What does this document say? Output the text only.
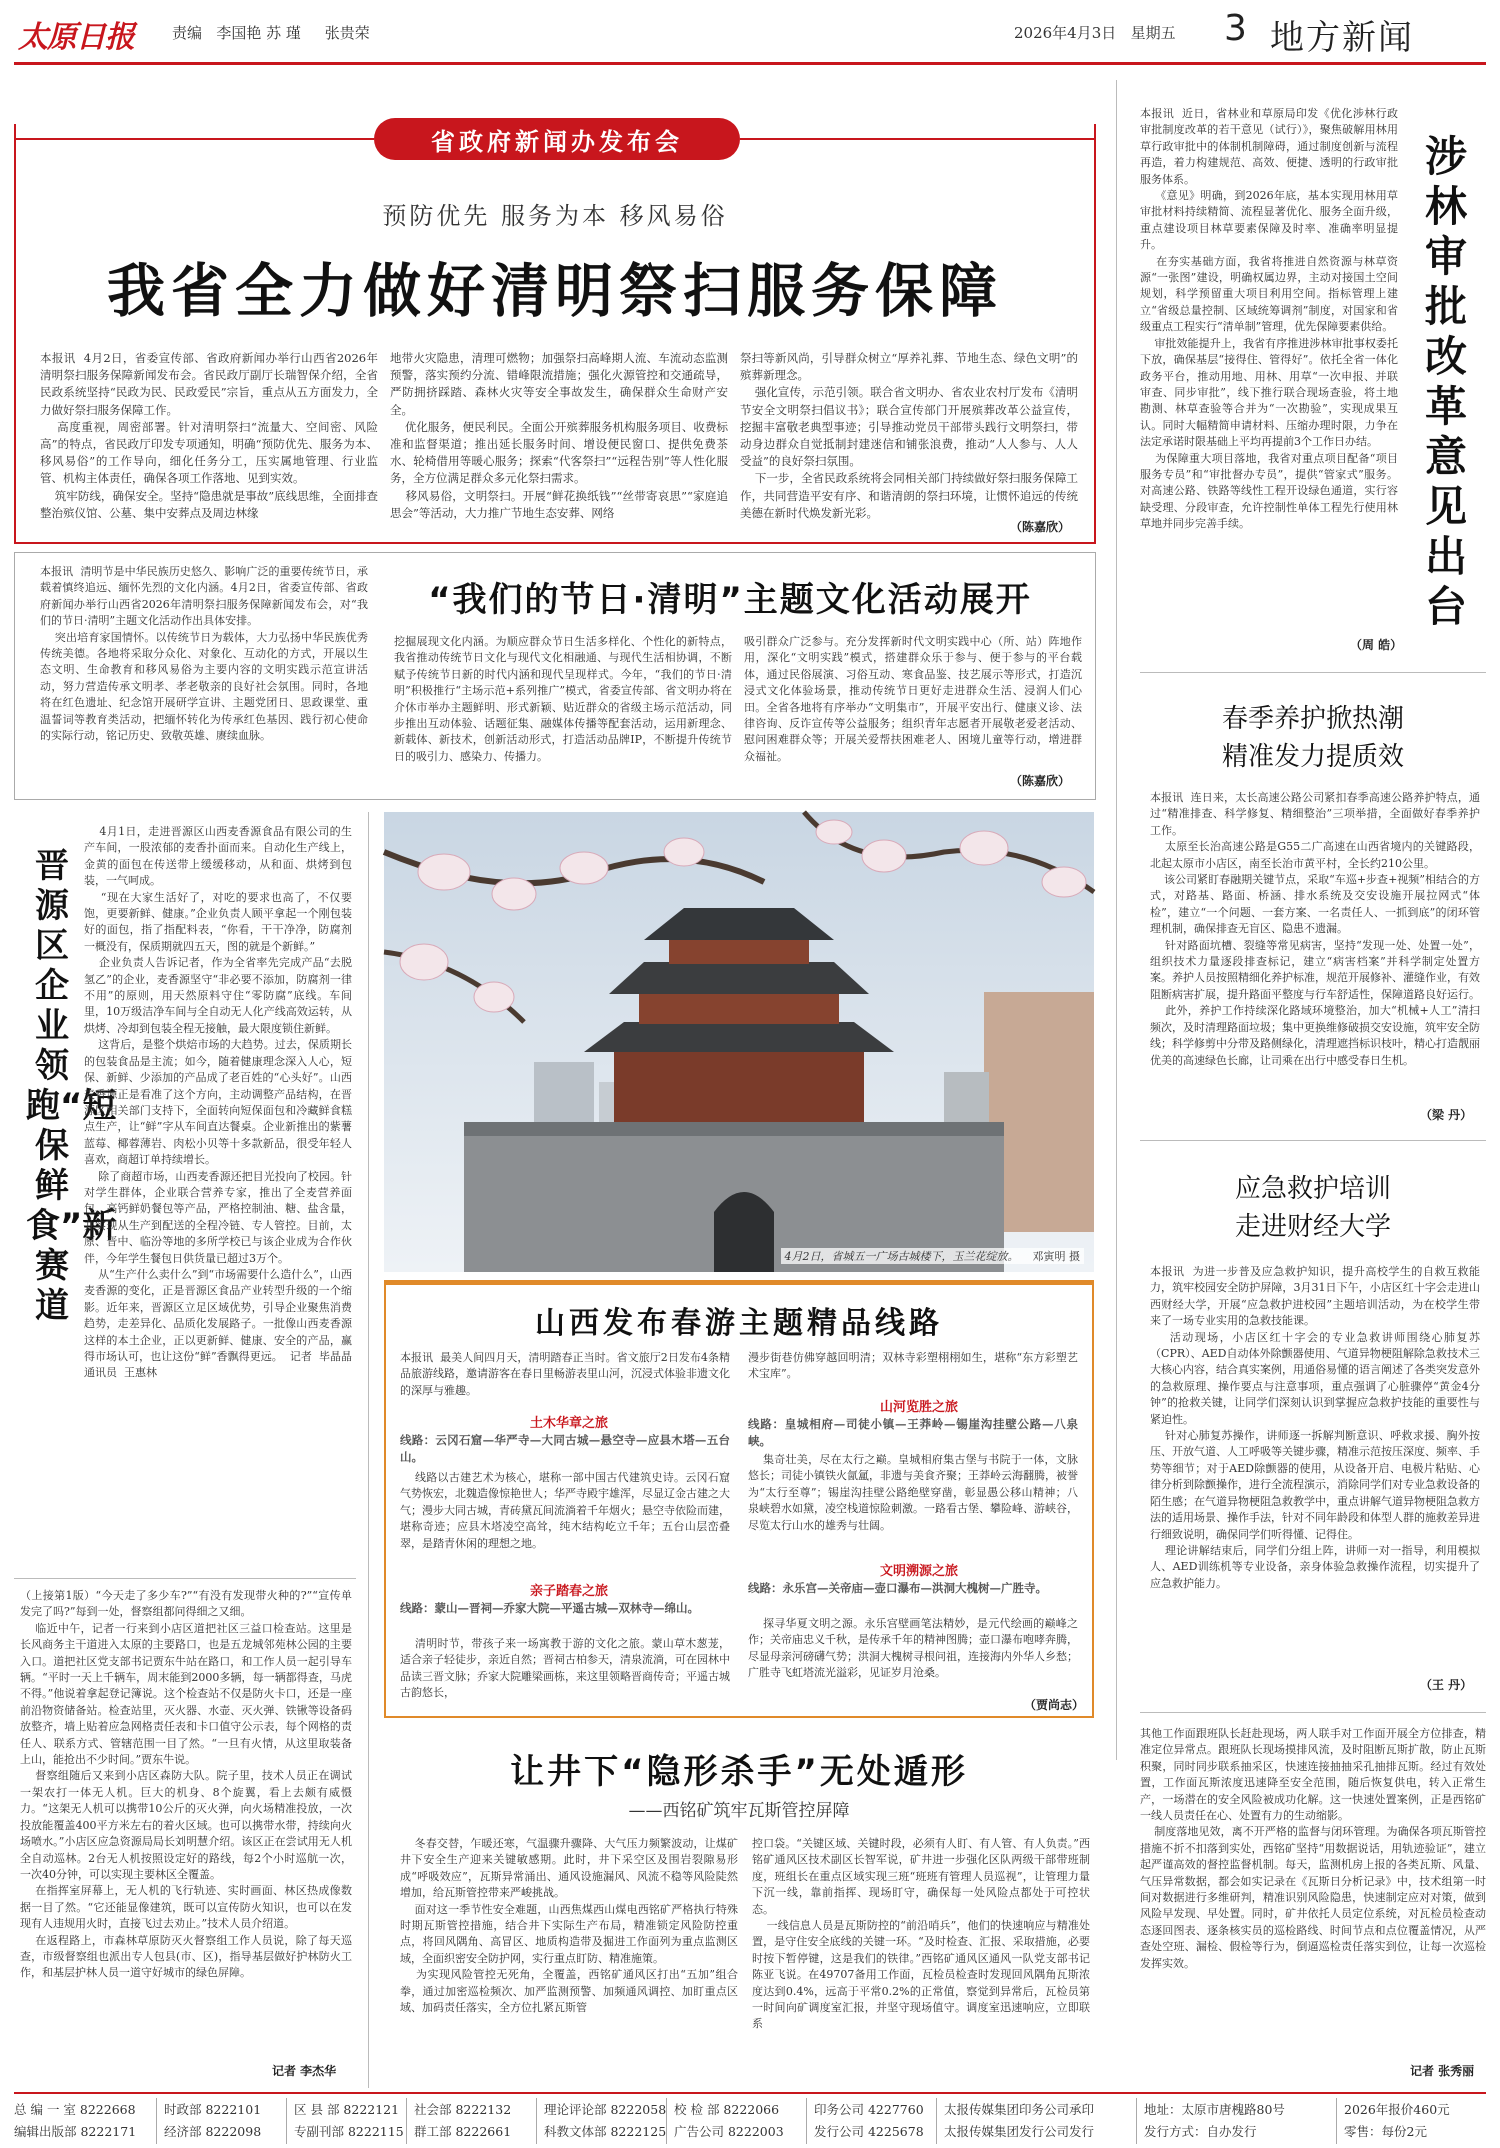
太原日报	责编 李国艳 苏 瑾 张贵荣	2026年4月3日 星期五 3 地方新闻
省政府新闻办发布会
预防优先 服务为本 移风易俗
我省全力做好清明祭扫服务保障
本报讯  4月2日，省委宣传部、省政府新闻办举行山西省2026年清明祭扫服务保障新闻发布会。省民政厅副厅长瑞智保介绍，全省民政系统坚持“民政为民、民政爱民”宗旨，重点从五方面发力，全力做好祭扫服务保障工作。
高度重视，周密部署。针对清明祭扫“流量大、空间密、风险高”的特点，省民政厅印发专项通知，明确“预防优先、服务为本、移风易俗”的工作导向，细化任务分工，压实属地管理、行业监管、机构主体责任，确保各项工作落地、见到实效。
筑牢防线，确保安全。坚持“隐患就是事故”底线思维，全面排查整治殡仪馆、公墓、集中安葬点及周边林缘
地带火灾隐患，清理可燃物；加强祭扫高峰期人流、车流动态监测预警，落实预约分流、错峰限流措施；强化火源管控和交通疏导，严防拥挤踩踏、森林火灾等安全事故发生，确保群众生命财产安全。
优化服务，便民利民。全面公开殡葬服务机构服务项目、收费标准和监督渠道；推出延长服务时间、增设便民窗口、提供免费茶水、轮椅借用等暖心服务；探索“代客祭扫”“远程告别”等人性化服务，全方位满足群众多元化祭扫需求。
移风易俗，文明祭扫。开展“鲜花换纸钱”“丝带寄哀思”“家庭追思会”等活动，大力推广节地生态安葬、网络
祭扫等新风尚，引导群众树立“厚养礼葬、节地生态、绿色文明”的殡葬新理念。
强化宣传，示范引领。联合省文明办、省农业农村厅发布《清明节安全文明祭扫倡议书》；联合宣传部门开展殡葬改革公益宣传，挖掘丰富敬老典型事迹；引导推动党员干部带头践行文明祭扫，带动身边群众自觉抵制封建迷信和铺张浪费，推动“人人参与、人人受益”的良好祭扫氛围。
下一步，全省民政系统将会同相关部门持续做好祭扫服务保障工作，共同营造平安有序、和谐清朗的祭扫环境，让惯怀追远的传统美德在新时代焕发新光彩。
（陈嘉欣）
本报讯  清明节是中华民族历史悠久、影响广泛的重要传统节日，承载着慎终追远、缅怀先烈的文化内涵。4月2日，省委宣传部、省政府新闻办举行山西省2026年清明祭扫服务保障新闻发布会，对“我们的节日·清明”主题文化活动作出具体安排。
突出培育家国情怀。以传统节日为载体，大力弘扬中华民族优秀传统美德。各地将采取分众化、对象化、互动化的方式，开展以生态文明、生命教育和移风易俗为主要内容的文明实践示范宣讲活动，努力营造传承文明孝、孝老敬亲的良好社会氛围。同时，各地将在红色遗址、纪念馆开展研学宣讲、主题党团日、思政课堂、重温誓词等教育类活动，把缅怀转化为传承红色基因、践行初心使命的实际行动，铭记历史、致敬英雄、赓续血脉。
“我们的节日·清明”主题文化活动展开
挖掘展现文化内涵。为顺应群众节日生活多样化、个性化的新特点，我省推动传统节日文化与现代文化相融通、与现代生活相协调，不断赋予传统节日新的时代内涵和现代呈现样式。今年，“我们的节日·清明”积极推行“主场示范+系列推广”模式，省委宣传部、省文明办将在介休市举办主题鲜明、形式新颖、贴近群众的省级主场示范活动，同步推出互动体验、话题征集、融媒体传播等配套活动，运用新理念、新载体、新技术，创新活动形式，打造活动品牌IP，不断提升传统节日的吸引力、感染力、传播力。
吸引群众广泛参与。充分发挥新时代文明实践中心（所、站）阵地作用，深化“文明实践”模式，搭建群众乐于参与、便于参与的平台载体，通过民俗展演、习俗互动、寒食品鉴、技艺展示等形式，打造沉浸式文化体验场景，推动传统节日更好走进群众生活、浸润人们心田。全省各地将有序举办“文明集市”，开展平安出行、健康义诊、法律咨询、反诈宣传等公益服务；组织青年志愿者开展敬老爱老活动、慰问困难群众等；开展关爱帮扶困难老人、困境儿童等行动，增进群众福祉。
（陈嘉欣）
本报讯  近日，省林业和草原局印发《优化涉林行政审批制度改革的若干意见（试行）》，聚焦破解用林用草行政审批中的体制机制障碍，通过制度创新与流程再造，着力构建规范、高效、便捷、透明的行政审批服务体系。
《意见》明确，到2026年底，基本实现用林用草审批材料持续精简、流程显著优化、服务全面升级，重点建设项目林草要素保障及时率、准确率明显提升。
在夯实基础方面，我省将推进自然资源与林草资源“一张图”建设，明确权属边界，主动对接国土空间规划，科学预留重大项目利用空间。指标管理上建立“省级总量控制、区域统筹调剂”制度，对国家和省级重点工程实行“清单制”管理，优先保障要素供给。
审批效能提升上，我省有序推进涉林审批事权委托下放，确保基层“接得住、管得好”。依托全省一体化政务平台，推动用地、用林、用草“一次申报、并联审查、同步审批”，线下推行联合现场查验，将土地勘测、林草查验等合并为“一次勘验”，实现成果互认。同时大幅精简申请材料、压缩办理时限，力争在法定承诺时限基础上平均再提前3个工作日办结。
为保障重大项目落地，我省对重点项目配备“项目服务专员”和“审批督办专员”，提供“管家式”服务。对高速公路、铁路等线性工程开设绿色通道，实行容缺受理、分段审查，允许控制性单体工程先行使用林草地并同步完善手续。
（周 皓）
涉林审批改革意见出台
春季养护掀热潮
精准发力提质效
本报讯  连日来，太长高速公路公司紧扣春季高速公路养护特点，通过“精准排查、科学修复、精细整治”三项举措，全面做好春季养护工作。
太原至长治高速公路是G55二广高速在山西省境内的关键路段，北起太原市小店区，南至长治市黄平村，全长约210公里。
该公司紧盯春融期关键节点，采取“车巡+步查+视频”相结合的方式，对路基、路面、桥涵、排水系统及交安设施开展拉网式“体检”，建立“一个问题、一套方案、一名责任人、一抓到底”的闭环管理机制，确保排查无盲区、隐患不遗漏。
针对路面坑槽、裂缝等常见病害，坚持“发现一处、处置一处”，组织技术力量逐段排查标记，建立“病害档案”并科学制定处置方案。养护人员按照精细化养护标准，规范开展修补、灌缝作业，有效阻断病害扩展，提升路面平整度与行车舒适性，保障道路良好运行。
此外，养护工作持续深化路域环境整治，加大“机械+人工”清扫频次，及时清理路面垃圾；集中更换维修破损交安设施，筑牢安全防线；科学修剪中分带及路侧绿化，清理遮挡标识枝叶，精心打造靓丽优美的高速绿色长廊，让司乘在出行中感受春日生机。
（梁 丹）
应急救护培训
走进财经大学
本报讯  为进一步普及应急救护知识，提升高校学生的自救互救能力，筑牢校园安全防护屏障，3月31日下午，小店区红十字会走进山西财经大学，开展“应急救护进校园”主题培训活动，为在校学生带来了一场专业实用的急救技能课。
活动现场，小店区红十字会的专业急救讲师围绕心肺复苏（CPR）、AED自动体外除颤器使用、气道异物梗阻解除急救技术三大核心内容，结合真实案例，用通俗易懂的语言阐述了各类突发意外的急救原理、操作要点与注意事项，重点强调了心脏骤停“黄金4分钟”的抢救关键，让同学们深刻认识到掌握应急救护技能的重要性与紧迫性。
针对心肺复苏操作，讲师逐一拆解判断意识、呼救求援、胸外按压、开放气道、人工呼吸等关键步骤，精准示范按压深度、频率、手势等细节；对于AED除颤器的使用，从设备开启、电极片粘贴、心律分析到除颤操作，进行全流程演示，消除同学们对专业急救设备的陌生感；在气道异物梗阻急救教学中，重点讲解气道异物梗阻急救方法的适用场景、操作手法，针对不同年龄段和体型人群的施救差异进行细致说明，确保同学们听得懂、记得住。
理论讲解结束后，同学们分组上阵，讲师一对一指导，利用模拟人、AED训练机等专业设备，亲身体验急救操作流程，切实提升了应急救护能力。
（王 丹）
晋源区企业领跑“短保鲜食”新赛道
4月1日，走进晋源区山西麦香源食品有限公司的生产车间，一股浓郁的麦香扑面而来。自动化生产线上，金黄的面包在传送带上缓缓移动，从和面、烘烤到包装，一气呵成。
“现在大家生活好了，对吃的要求也高了，不仅要饱，更要新鲜、健康。”企业负责人顾平拿起一个刚包装好的面包，指了指配料表，“你看，干干净净，防腐剂一概没有，保质期就四五天，图的就是个新鲜。”
企业负责人告诉记者，作为全省率先完成产品“去脱氢乙”的企业，麦香源坚守“非必要不添加，防腐剂一律不用”的原则，用天然原料守住“零防腐”底线。车间里，10万级洁净车间与全自动无人化产线高效运转，从烘烤、冷却到包装全程无接触，最大限度锁住新鲜。
这背后，是整个烘焙市场的大趋势。过去，保质期长的包装食品是主流；如今，随着健康理念深入人心，短保、新鲜、少添加的产品成了老百姓的“心头好”。山西麦香源正是看准了这个方向，主动调整产品结构，在晋源区相关部门支持下，全面转向短保面包和冷藏鲜食糕点生产，让“鲜”字从车间直达餐桌。企业新推出的紫薯蓝莓、椰蓉薄岩、肉松小贝等十多款新品，很受年轻人喜欢，商超订单持续增长。
除了商超市场，山西麦香源还把目光投向了校园。针对学生群体，企业联合营养专家，推出了全麦营养面包、高钙鲜奶餐包等产品，严格控制油、糖、盐含量，并实现从生产到配送的全程冷链、专人管控。目前，太原、晋中、临汾等地的多所学校已与该企业成为合作伙伴，今年学生餐包日供货量已超过3万个。
从“生产什么卖什么”到“市场需要什么造什么”，山西麦香源的变化，正是晋源区食品产业转型升级的一个缩影。近年来，晋源区立足区域优势，引导企业聚焦消费趋势，走差异化、品质化发展路子。一批像山西麦香源这样的本土企业，正以更新鲜、健康、安全的产品，赢得市场认可，也让这份“鲜”香飘得更远。  记者  毕晶晶  通讯员  王惠林
（上接第1版）“今天走了多少车?”“有没有发现带火种的?”“宣传单发完了吗?”每到一处，督察组都问得细之又细。
临近中午，记者一行来到小店区道把社区三益口检查站。这里是长风商务主干道进入太原的主要路口，也是五龙城邻苑林公园的主要入口。道把社区党支部书记贾东牛站在路口，和工作人员一起引导车辆。“平时一天上千辆车，周末能到2000多辆，每一辆都得查，马虎不得。”他说着拿起登记簿说。这个检查站不仅是防火卡口，还是一座前沿物资储备站。检查站里，灭火器、水壶、灭火弹、铁锹等设备码放整齐，墙上贴着应急网格责任表和卡口值守公示表，每个网格的责任人、联系方式、管辖范围一目了然。“一旦有火情，从这里取装备上山，能抢出不少时间。”贾东牛说。
督察组随后又来到小店区森防大队。院子里，技术人员正在调试一架农打一体无人机。巨大的机身、8个旋翼，看上去颇有威慑力。“这架无人机可以携带10公斤的灭火弹，向火场精准投放，一次投放能覆盖400平方米左右的着火区域。也可以携带水带，持续向火场喷水。”小店区应急资源局局长刘明慧介绍。该区正在尝试用无人机全自动巡林。2台无人机按照设定好的路线，每2个小时巡航一次，一次40分钟，可以实现主要林区全覆盖。
在指挥室屏幕上，无人机的飞行轨迹、实时画面、林区热成像数据一目了然。“它还能显像建筑，既可以宣传防火知识，也可以在发现有人违规用火时，直接飞过去劝止。”技术人员介绍道。
在返程路上，市森林草原防灭火督察组工作人员说，除了每天巡查，市级督察组也派出专人包县(市、区)，指导基层做好护林防火工作，和基层护林人员一道守好城市的绿色屏障。
记者 李杰华
4月2日，省城五一广场古城楼下，玉兰花绽放。 邓寅明 摄
山西发布春游主题精品线路
本报讯  最美人间四月天，清明踏春正当时。省文旅厅2日发布4条精品旅游线路，邀请游客在春日里畅游表里山河，沉浸式体验非遗文化的深厚与雅趣。
土木华章之旅
线路：云冈石窟—华严寺—大同古城—悬空寺—应县木塔—五台山。
线路以古建艺术为核心，堪称一部中国古代建筑史诗。云冈石窟气势恢宏，北魏造像惊艳世人；华严寺殿宇雄浑，尽显辽金古建之大气；漫步大同古城，青砖黛瓦间流淌着千年烟火；悬空寺依险而建，堪称奇迹；应县木塔凌空高耸，纯木结构屹立千年；五台山层峦叠翠，是踏青休闲的理想之地。
亲子踏春之旅
线路：蒙山—晋祠—乔家大院—平遥古城—双林寺—绵山。
清明时节，带孩子来一场寓教于游的文化之旅。蒙山草木葱茏，适合亲子轻徒步，亲近自然；晋祠古柏参天，清泉流淌，可在园林中品读三晋文脉；乔家大院雕梁画栋，来这里领略晋商传奇；平遥古城古韵悠长，
漫步街巷仿佛穿越回明清；双林寺彩塑栩栩如生，堪称“东方彩塑艺术宝库”。
山河览胜之旅
线路：皇城相府—司徒小镇—王莽岭—锡崖沟挂壁公路—八泉峡。
集奇壮美，尽在太行之巅。皇城相府集古堡与书院于一体，文脉悠长；司徒小镇铁火氤氲，非遗与美食齐聚；王莽岭云海翻腾，被誉为“太行至尊”；锡崖沟挂壁公路绝壁穿凿，彰显愚公移山精神；八泉峡碧水如黛，凌空栈道惊险刺激。一路看古堡、攀险峰、游峡谷，尽览太行山水的雄秀与壮阔。
文明溯源之旅
线路：永乐宫—关帝庙—壶口瀑布—洪洞大槐树—广胜寺。
探寻华夏文明之源。永乐宫壁画笔法精妙，是元代绘画的巅峰之作；关帝庙忠义千秋，是传承千年的精神图腾；壶口瀑布咆哮奔腾，尽显母亲河磅礴气势；洪洞大槐树寻根问祖，连接海内外华人乡愁；广胜寺飞虹塔流光溢彩，见证岁月沧桑。
（贾尚志）
让井下“隐形杀手”无处遁形
——西铭矿筑牢瓦斯管控屏障
冬春交替，乍暖还寒，气温骤升骤降、大气压力频繁波动，让煤矿井下安全生产迎来关键敏感期。此时，井下采空区及围岩裂隙易形成“呼吸效应”，瓦斯异常涌出、通风设施漏风、风流不稳等风险陡然增加，给瓦斯管控带来严峻挑战。
面对这一季节性安全难题，山西焦煤西山煤电西铭矿严格执行特殊时期瓦斯管控措施，结合井下实际生产布局，精准锁定风险防控重点，将回风隅角、高冒区、地质构造带及掘进工作面列为重点监测区域，全面织密安全防护网，实行重点盯防、精准施策。
为实现风险管控无死角，全覆盖，西铭矿通风区打出“五加”组合拳，通过加密巡检频次、加严监测预警、加频通风调控、加盯重点区域、加码责任落实，全方位扎紧瓦斯管
控口袋。“关键区域、关键时段，必须有人盯、有人管、有人负责。”西铭矿通风区技术副区长智军说，矿井进一步强化区队两级干部带班制度，班组长在重点区域实现三班“班班有管理人员巡视”，让管理力量下沉一线，靠前指挥、现场盯守，确保每一处风险点都处于可控状态。
一线信息人员是瓦斯防控的“前沿哨兵”，他们的快速响应与精准处置，是守住安全底线的关键一环。“及时检查、汇报、采取措施，必要时按下暂停键，这是我们的铁律。”西铭矿通风区通风一队党支部书记陈亚飞说。在49707备用工作面，瓦检员检查时发现回风隅角瓦斯浓度达到0.4%，远高于平常0.2%的正常值，察觉到异常后，瓦检员第一时间向矿调度室汇报，并坚守现场值守。调度室迅速响应，立即联系
其他工作面跟班队长赶赴现场，两人联手对工作面开展全方位排查，精准定位异常点。跟班队长现场摸排风流，及时阻断瓦斯扩散，防止瓦斯积聚，同时同步联系抽采区，快速连接抽抽采孔抽排瓦斯。经过有效处置，工作面瓦斯浓度迅速降至安全范围，随后恢复供电，转入正常生产，一场潜在的安全风险被成功化解。这一快速处置案例，正是西铭矿一线人员责任在心、处置有力的生动缩影。
制度落地见效，离不开严格的监督与闭环管理。为确保各项瓦斯管控措施不折不扣落到实处，西铭矿坚持“用数据说话，用轨迹验证”，建立起严谨高效的督控监督机制。每天，监测机房上报的各类瓦斯、风量、气压异常数据，都会如实记录在《瓦斯日分析记录》中，技术组第一时间对数据进行多维研判，精准识别风险隐患，快速制定应对对策，做到风险早发现、早处置。同时，矿井依托人员定位系统，对瓦检员检查动态逐回图表、逐条核实员的巡检路线、时间节点和点位覆盖情况，从严查处空班、漏检、假检等行为，倒逼巡检责任落实到位，让每一次巡检发挥实效。
记者 张秀丽
总 编 一 室 8222668 时政部 8222101	区 县 部 8222121 社会部 8222132	理论评论部 8222058 校 检 部 8222066	印务公司 4227760 太报传媒集团印务公司承印	地址：太原市唐槐路80号	2026年报价460元
编辑出版部 8222171 经济部 8222098	专副刊部 8222115 群工部 8222661	科教文体部 8222125 广告公司 8222003 发行公司 4225678 太报传媒集团发行公司发行	发行方式：自办发行	零售：每份2元
